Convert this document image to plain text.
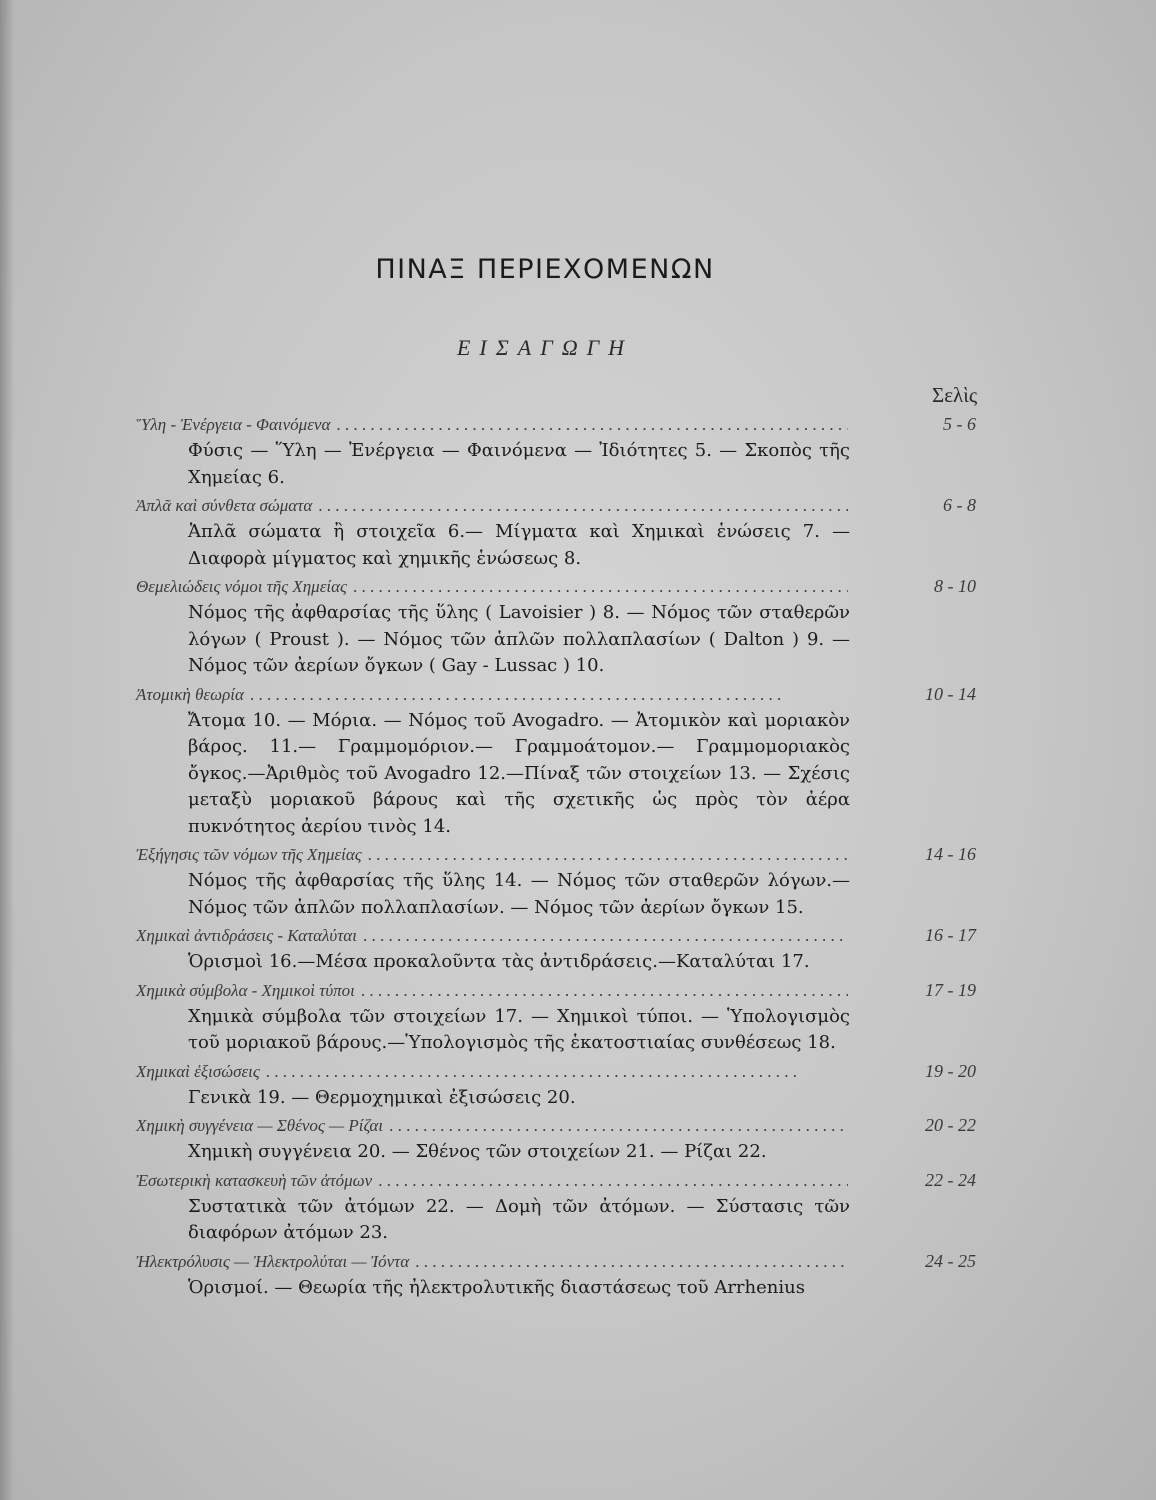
ΠΙΝΑΞ ΠΕΡΙΕΧΟΜΕΝΩΝ
ΕΙΣΑΓΩΓΗ
Σελὶς
Ὕλη - Ἐνέργεια - Φαινόμενα . . .	5 - 6
Φύσις — Ὕλη — Ἐνέργεια — Φαινόμενα — Ἰδιότητες 5. — Σκοπὸς τῆς Χημείας 6.
Ἁπλᾶ καὶ σύνθετα σώματα . . .	6 - 8
Ἁπλᾶ σώματα ἢ στοιχεῖα 6.— Μίγματα καὶ Χημικαὶ ἑνώσεις 7. — Διαφορὰ μίγματος καὶ χημικῆς ἑνώσεως 8.
Θεμελιώδεις νόμοι τῆς Χημείας . . .	8 - 10
Νόμος τῆς ἀφθαρσίας τῆς ὕλης ( Lavoisier ) 8. — Νόμος τῶν σταθερῶν λόγων ( Proust ). — Νόμος τῶν ἁπλῶν πολλαπλασίων ( Dalton ) 9. — Νόμος τῶν ἀερίων ὄγκων ( Gay - Lussac ) 10.
Ἀτομικὴ θεωρία . . .	10 - 14
Ἄτομα 10. — Μόρια. — Νόμος τοῦ Avogadro. — Ἀτομικὸν καὶ μοριακὸν βάρος. 11.— Γραμμομόριον.— Γραμμοάτομον.— Γραμμομοριακὸς ὄγκος.—Ἀριθμὸς τοῦ Avogadro 12.—Πίναξ τῶν στοιχείων 13. — Σχέσις μεταξὺ μοριακοῦ βάρους καὶ τῆς σχετικῆς ὡς πρὸς τὸν ἀέρα πυκνότητος ἀερίου τινὸς 14.
Ἐξήγησις τῶν νόμων τῆς Χημείας . . .	14 - 16
Νόμος τῆς ἀφθαρσίας τῆς ὕλης 14. — Νόμος τῶν σταθερῶν λόγων.— Νόμος τῶν ἁπλῶν πολλαπλασίων. — Νόμος τῶν ἀερίων ὄγκων 15.
Χημικαὶ ἀντιδράσεις - Καταλύται . . .	16 - 17
Ὁρισμοὶ 16.—Μέσα προκαλοῦντα τὰς ἀντιδράσεις.—Καταλύται 17.
Χημικὰ σύμβολα - Χημικοὶ τύποι . . .	17 - 19
Χημικὰ σύμβολα τῶν στοιχείων 17. — Χημικοὶ τύποι. — Ὑπολογισμὸς τοῦ μοριακοῦ βάρους.—Ὑπολογισμὸς τῆς ἑκατοστιαίας συνθέσεως 18.
Χημικαὶ ἐξισώσεις . . .	19 - 20
Γενικὰ 19. — Θερμοχημικαὶ ἐξισώσεις 20.
Χημικὴ συγγένεια — Σθένος — Ρίζαι . . .	20 - 22
Χημικὴ συγγένεια 20. — Σθένος τῶν στοιχείων 21. — Ρίζαι 22.
Ἐσωτερικὴ κατασκευὴ τῶν ἀτόμων . . .	22 - 24
Συστατικὰ τῶν ἀτόμων 22. — Δομὴ τῶν ἀτόμων. — Σύστασις τῶν διαφόρων ἀτόμων 23.
Ἠλεκτρόλυσις — Ἠλεκτρολύται — Ἰόντα . . .	24 - 25
Ὁρισμοί. — Θεωρία τῆς ἠλεκτρολυτικῆς διαστάσεως τοῦ Arrhenius
